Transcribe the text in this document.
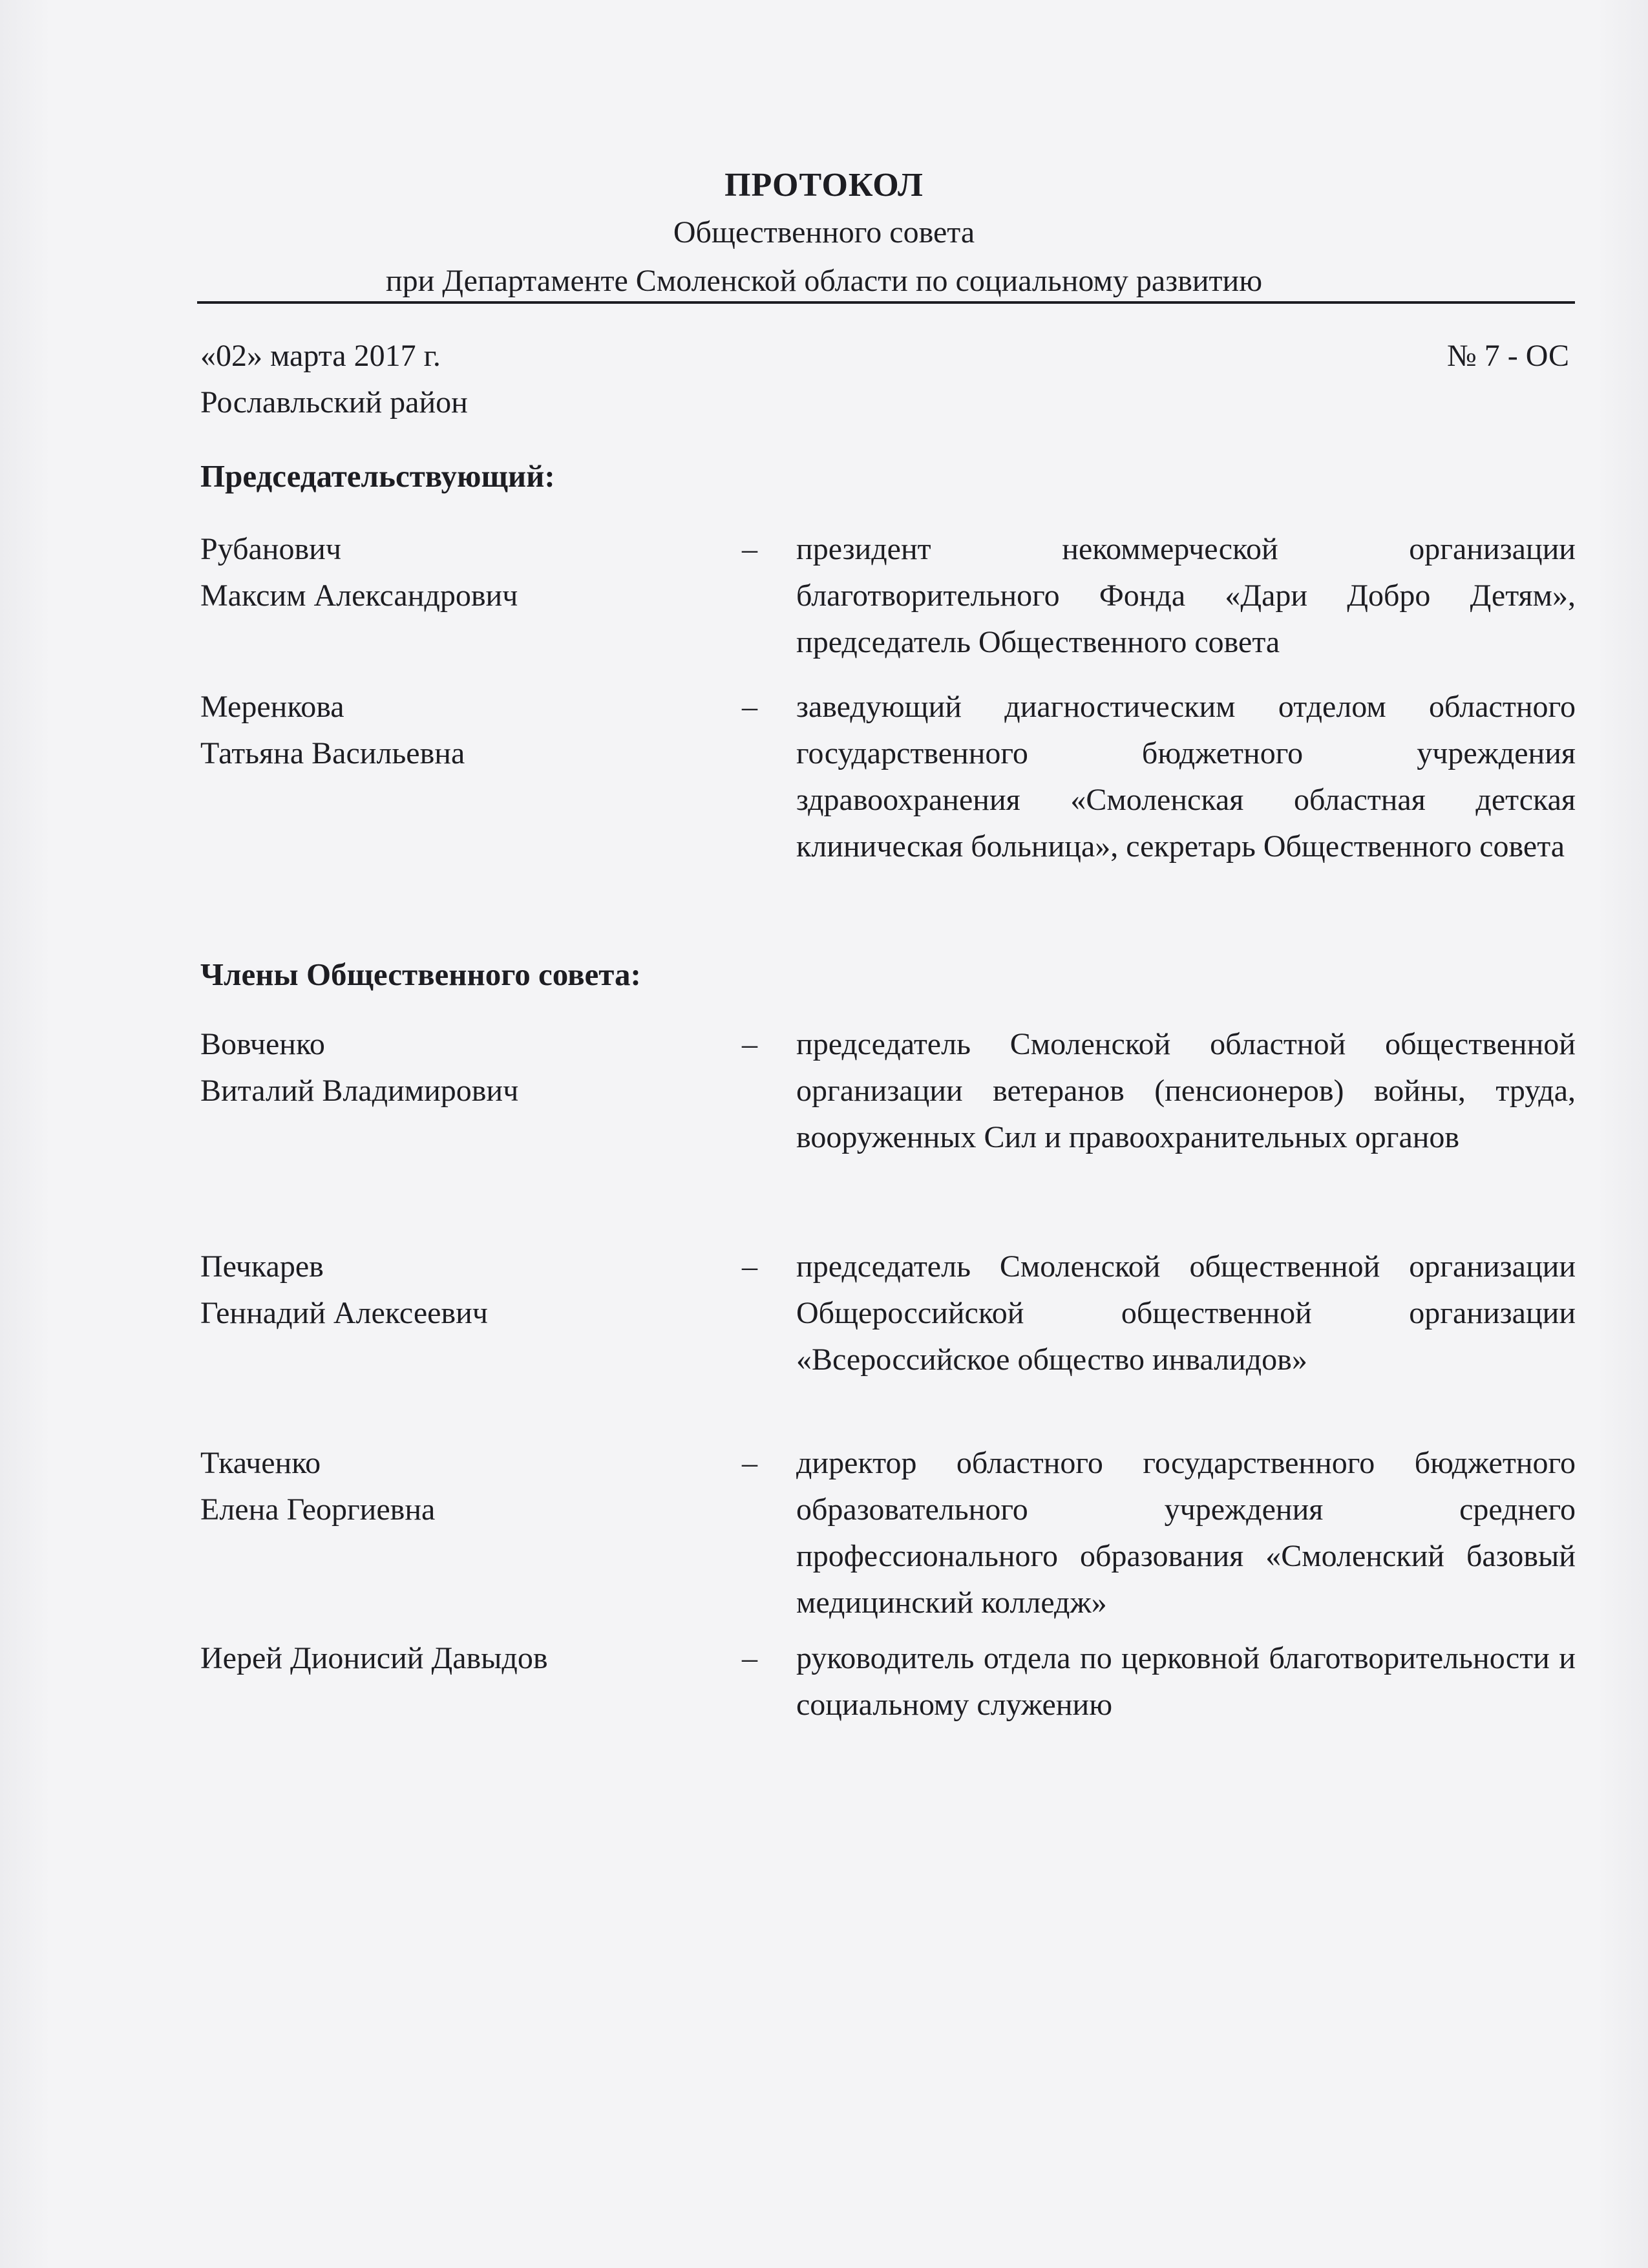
ПРОТОКОЛ
Общественного совета
при Департаменте Смоленской области по социальному развитию
«02» марта 2017 г.
Рославльский район
№ 7 - ОС
Председательствующий:
Рубанович
Максим Александрович
– президент некоммерческой организации благотворительного Фонда «Дари Добро Детям», председатель Общественного совета
Меренкова
Татьяна Васильевна
– заведующий диагностическим отделом областного государственного бюджетного учреждения здравоохранения «Смоленская областная детская клиническая больница», секретарь Общественного совета
Члены Общественного совета:
Вовченко
Виталий Владимирович
– председатель Смоленской областной общественной организации ветеранов (пенсионеров) войны, труда, вооруженных Сил и правоохранительных органов
Печкарев
Геннадий Алексеевич
– председатель Смоленской общественной организации Общероссийской общественной организации «Всероссийское общество инвалидов»
Ткаченко
Елена Георгиевна
– директор областного государственного бюджетного образовательного учреждения среднего профессионального образования «Смоленский базовый медицинский колледж»
Иерей Дионисий Давыдов	– руководитель отдела по церковной благотворительности и социальному служению
